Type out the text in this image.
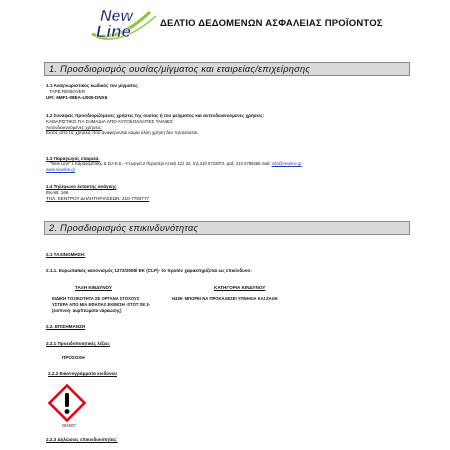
New
Line	ΔΕΛΤΙΟ ΔΕΔΟΜΕΝΩΝ ΑΣΦΑΛΕΙΑΣ ΠΡΟΪΟΝΤΟΣ
1. Προσδιορισμός ουσίας/μίγματος και εταιρείας/επιχείρησης
1.1 Αναγνωριστικός κωδικός του μίγματος
TAPE REMOVER
UFI: 6MF1-08EA-U005-DNX6
1.2 Συναφείς προσδιοριζόμενες χρήσεις της ουσίας ή του μείγματος και αντενδεικνυόμενες χρήσεις:
ΚΑΘΑΡΙΣΤΙΚΟ ΓΙΑ ΣΗΜΑΔΙΑ ΑΠΟ ΑΥΤΟΚΟΛΛΗΤΕΣ ΤΑΙΝΙΕΣ
Αντενδεικνυόμενες χρήσεις:
Εκτός από τις χρήσεις που αναφέρονται καμία άλλη χρήση δεν προτείνεται.
1.3 Παραγωγός εταιρεία:
"New Line" Ι. Καραλαμπίδης & ΣΙΑ Ε.Ε. –Γεωργιά 2 Περιστέρι Αττική 121 32, τηλ.210 5722872, φαξ. 210 5786285 mail: info@newline.gr
www.newline.gr
1.4 Τηλέφωνο έκτακτης ανάγκης
ΕΚΑΒ: 166
ΤΗΛ. ΚΕΝΤΡΟΥ ΔΗΛΗΤΗΡΙΑΣΕΩΝ: 210-7793777
2. Προσδιορισμός επικινδυνότητας
2.1 ΤΑΞΙΝΟΜΗΣΗ:
2.1.1. Ευρωπαϊκός κανονισμός 1272/2008/ ΕΚ (CLP)- το προϊόν χαρακτηρίζεται ως επικίνδυνο:
ΤΑΞΗ ΚΙΝΔΥΝΟΥ	ΚΑΤΗΓΟΡΙΑ ΚΙΝΔΥΝΟΥ
ΕΙΔΙΚΗ ΤΟΞΙΚΟΤΗΤΑ ΣΕ ΟΡΓΑΝΑ ΣΤΟΧΟΥΣ
ΥΣΤΕΡΑ ΑΠΟ ΜΙΑ ΕΦΑΠΑΞ ΕΚΘΕΣΗ -STOT SE 3-
(εισπνοή- αυμπτώματα νάρκωσης)
Η336- ΜΠΟΡΕΙ ΝΑ ΠΡΟΚΑΛΕΣΕΙ ΥΠΝΗΛΙΑ ΚΑΙ ΖΑΛΗ
2.2. ΕΠΙΣΗΜΑΝΣΗ
2.2.1 Προειδοποιητικές λέξεις
ΠΡΟΣΟΧΗ
2.2.2 Εικονογράμματα κινδύνου
GHS07
2.2.3 Δηλώσεις επικινδυνότητας:
